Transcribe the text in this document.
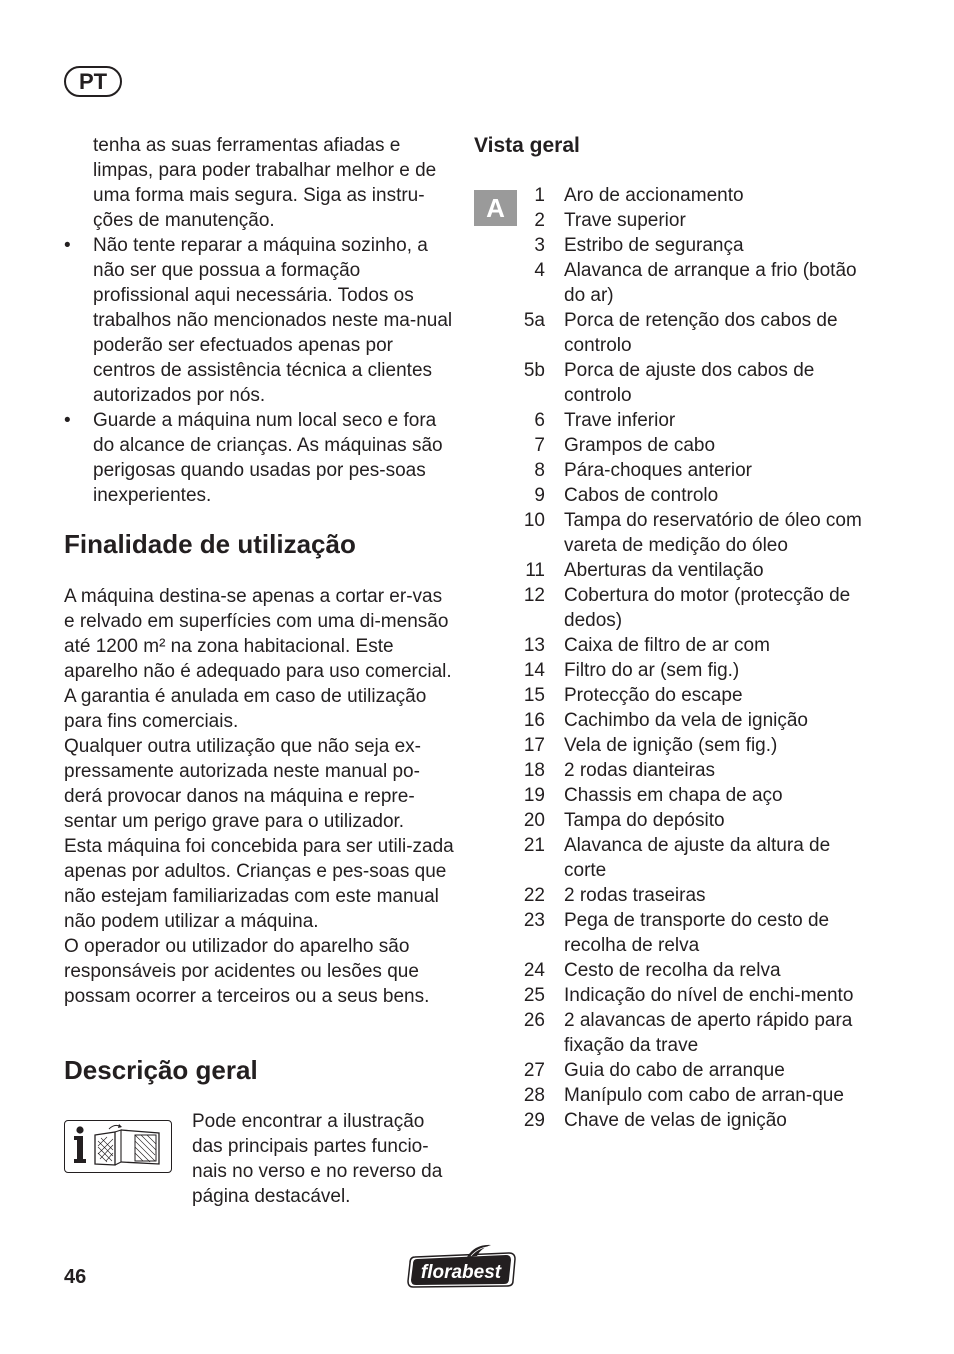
PT

tenha as suas ferramentas afiadas e limpas, para poder trabalhar melhor e de uma forma mais segura. Siga as instru-ções de manutenção.

•	Não tente reparar a máquina sozinho, a não ser que possua a formação profissional aqui necessária. Todos os trabalhos não mencionados neste ma-nual poderão ser efectuados apenas por centros de assistência técnica a clientes autorizados por nós.
•	Guarde a máquina num local seco e fora do alcance de crianças. As máquinas são perigosas quando usadas por pes-soas inexperientes.
Finalidade de utilização

A máquina destina-se apenas a cortar er-vas e relvado em superfícies com uma di-mensão até 1200 m² na zona habitacional. Este aparelho não é adequado para uso comercial.

A garantia é anulada em caso de utilização para fins comerciais.

Qualquer outra utilização que não seja ex-pressamente autorizada neste manual po-derá provocar danos na máquina e repre-sentar um perigo grave para o utilizador.

Esta máquina foi concebida para ser utili-zada apenas por adultos. Crianças e pes-soas que não estejam familiarizadas com este manual não podem utilizar a máquina.

O operador ou utilizador do aparelho são responsáveis por acidentes ou lesões que possam ocorrer a terceiros ou a seus bens.

Descrição geral

Pode encontrar a ilustração das principais partes funcio-nais no verso e no reverso da página destacável.

Vista geral
A	1	Aro de accionamento
2	Trave superior
3	Estribo de segurança
4	Alavanca de arranque a frio (botão do ar)
5a	Porca de retenção dos cabos de controlo
5b	Porca de ajuste dos cabos de controlo
6	Trave inferior
7	Grampos de cabo
8	Pára-choques anterior
9	Cabos de controlo
10	Tampa do reservatório de óleo com vareta de medição do óleo
11	Aberturas da ventilação
12	Cobertura do motor (protecção de dedos)
13	Caixa de filtro de ar com
14	Filtro do ar (sem fig.)
15	Protecção do escape
16	Cachimbo da vela de ignição
17	Vela de ignição (sem fig.)
18	2 rodas dianteiras
19	Chassis em chapa de aço
20	Tampa do depósito
21	Alavanca de ajuste da altura de corte
22	2 rodas traseiras
23	Pega de transporte do cesto de recolha de relva
24	Cesto de recolha da relva
25	Indicação do nível de enchi-mento
26	2 alavancas de aperto rápido para fixação da trave
27	Guia do cabo de arranque
28	Manípulo com cabo de arran-que
29	Chave de velas de ignição
46	florabest
